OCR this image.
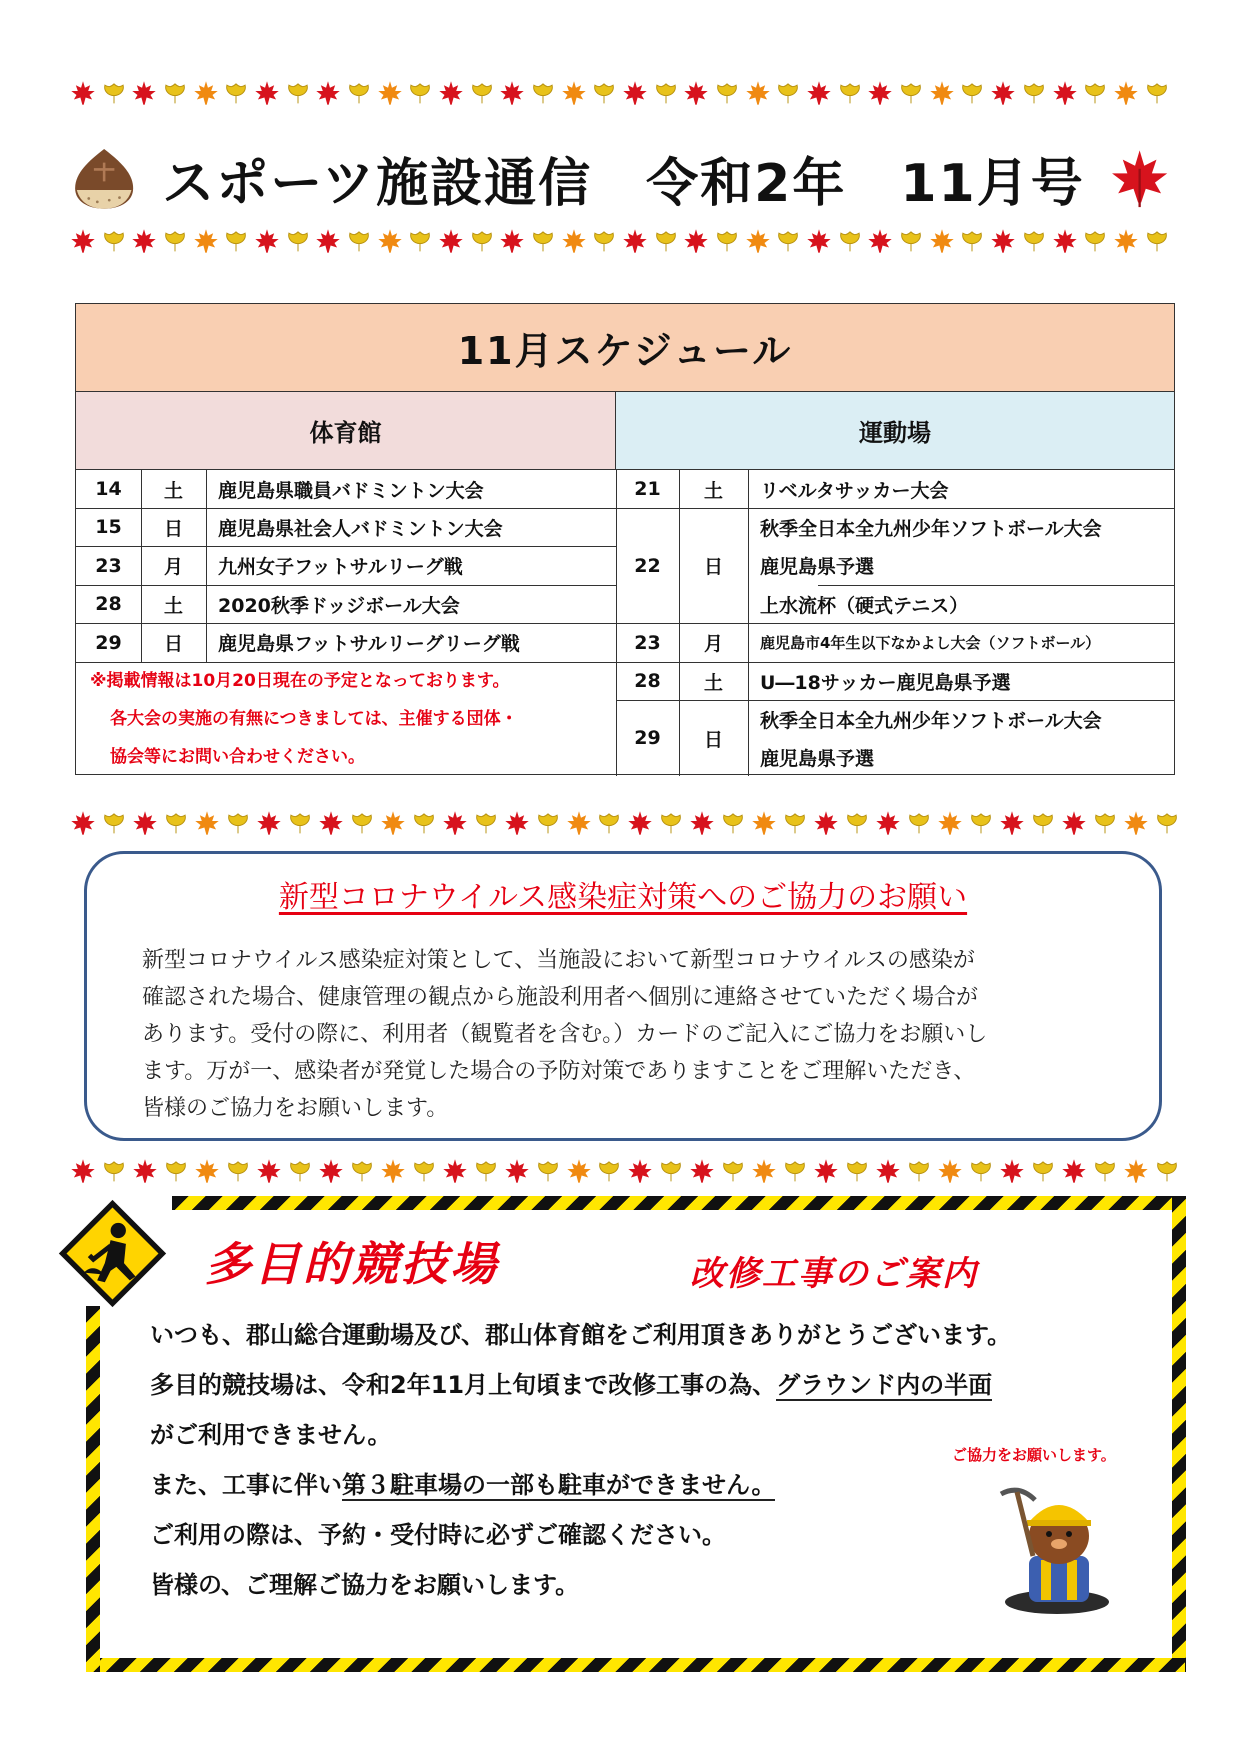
スポーツ施設通信　令和2年　11月号
11月スケジュール
体育館	運動場
14	土	鹿児島県職員バドミントン大会
15	日	鹿児島県社会人バドミントン大会
23	月	九州女子フットサルリーグ戦
28	土	2020秋季ドッジボール大会
29	日	鹿児島県フットサルリーグリーグ戦
※掲載情報は10月20日現在の予定となっております。
各大会の実施の有無につきましては、主催する団体・
協会等にお問い合わせください。
21	土	リベルタサッカー大会
22	日
秋季全日本全九州少年ソフトボール大会
鹿児島県予選
上水流杯（硬式テニス）
23	月	鹿児島市4年生以下なかよし大会（ソフトボール）
28	土	U―18サッカー鹿児島県予選
29	日
秋季全日本全九州少年ソフトボール大会
鹿児島県予選
新型コロナウイルス感染症対策へのご協力のお願い
新型コロナウイルス感染症対策として、当施設において新型コロナウイルスの感染が
確認された場合、健康管理の観点から施設利用者へ個別に連絡させていただく場合が
あります。受付の際に、利用者（観覧者を含む。）カードのご記入にご協力をお願いし
ます。万が一、感染者が発覚した場合の予防対策でありますことをご理解いただき、
皆様のご協力をお願いします。
多目的競技場	改修工事のご案内
いつも、郡山総合運動場及び、郡山体育館をご利用頂きありがとうございます。
多目的競技場は、令和2年11月上旬頃まで改修工事の為、グラウンド内の半面
がご利用できません。
また、工事に伴い第３駐車場の一部も駐車ができません。
ご利用の際は、予約・受付時に必ずご確認ください。
皆様の、ご理解ご協力をお願いします。
ご協力をお願いします。
